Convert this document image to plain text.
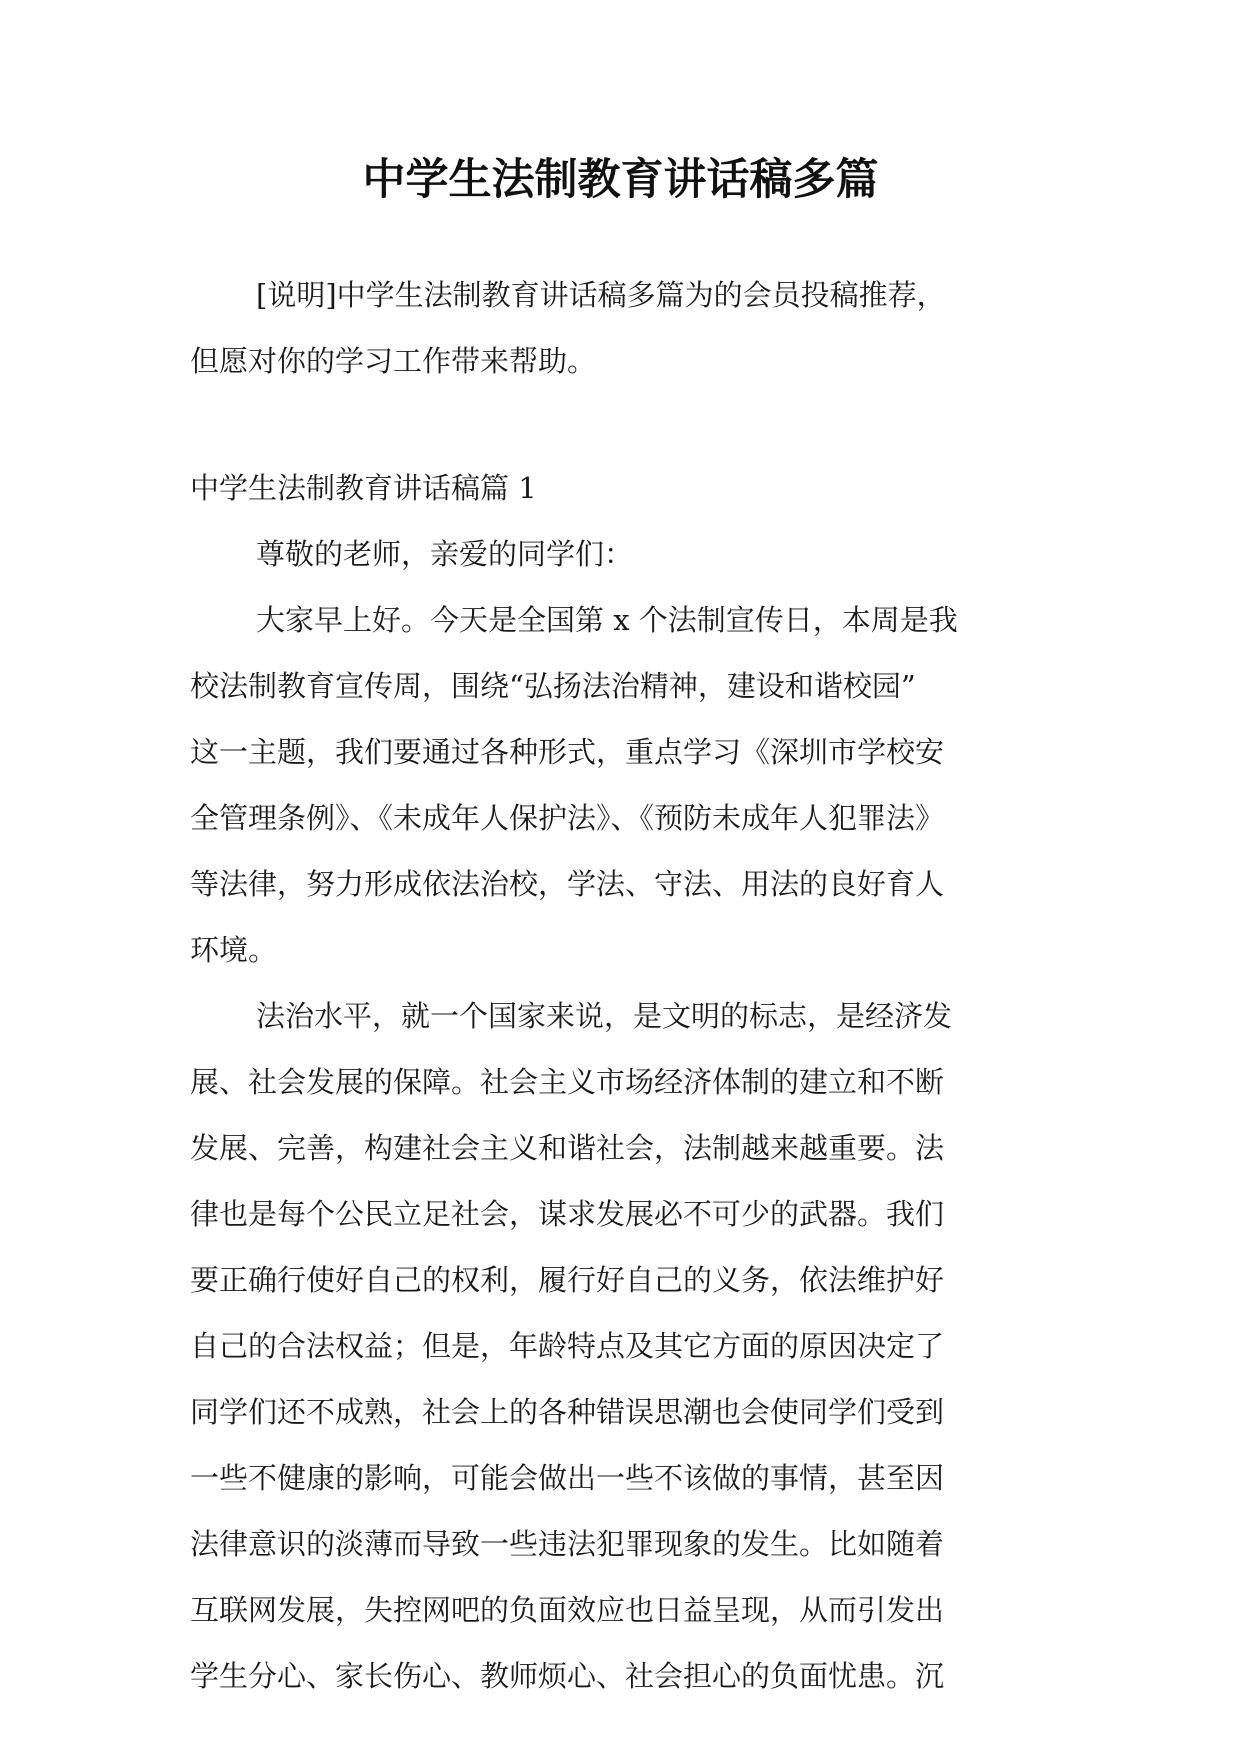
中学生法制教育讲话稿多篇
[说明]中学生法制教育讲话稿多篇为的会员投稿推荐，
但愿对你的学习工作带来帮助。
中学生法制教育讲话稿篇 1
尊敬的老师，亲爱的同学们：
大家早上好。今天是全国第 x 个法制宣传日，本周是我
校法制教育宣传周，围绕“弘扬法治精神，建设和谐校园”
这一主题，我们要通过各种形式，重点学习《深圳市学校安
全管理条例》、《未成年人保护法》、《预防未成年人犯罪法》
等法律，努力形成依法治校，学法、守法、用法的良好育人
环境。
法治水平，就一个国家来说，是文明的标志，是经济发
展、社会发展的保障。社会主义市场经济体制的建立和不断
发展、完善，构建社会主义和谐社会，法制越来越重要。法
律也是每个公民立足社会，谋求发展必不可少的武器。我们
要正确行使好自己的权利，履行好自己的义务，依法维护好
自己的合法权益；但是，年龄特点及其它方面的原因决定了
同学们还不成熟，社会上的各种错误思潮也会使同学们受到
一些不健康的影响，可能会做出一些不该做的事情，甚至因
法律意识的淡薄而导致一些违法犯罪现象的发生。比如随着
互联网发展，失控网吧的负面效应也日益呈现，从而引发出
学生分心、家长伤心、教师烦心、社会担心的负面忧患。沉
